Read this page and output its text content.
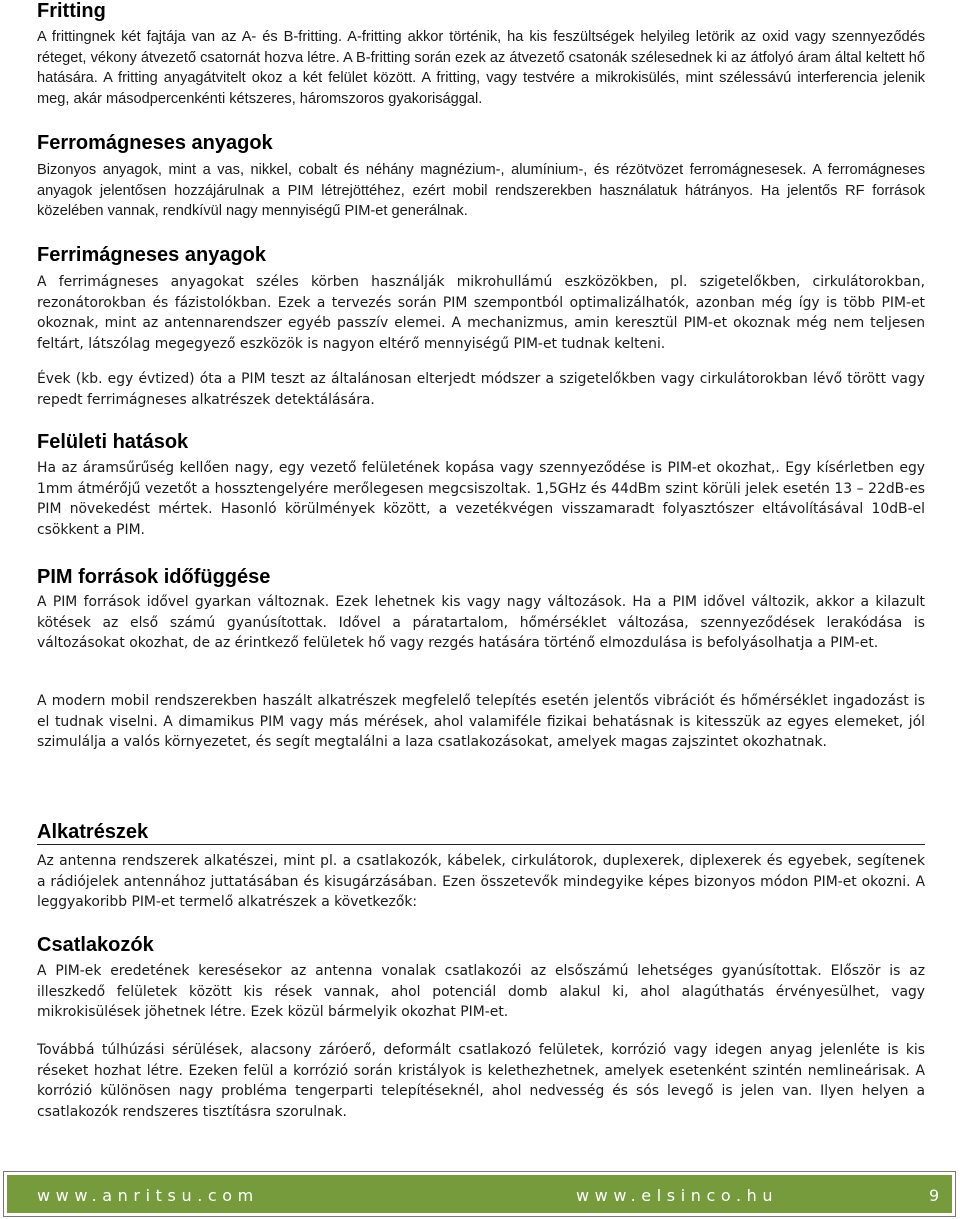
Fritting

A frittingnek két fajtája van az A- és B-fritting. A-fritting akkor történik, ha kis feszültségek helyileg letörik az oxid vagy szennyeződés réteget, vékony átvezető csatornát hozva létre. A B-fritting során ezek az átvezető csatonák szélesednek ki az átfolyó áram által keltett hő hatására. A fritting anyagátvitelt okoz a két felület között. A fritting, vagy testvére a mikrokisülés, mint szélessávú interferencia jelenik meg, akár másodpercenkénti kétszeres, háromszoros gyakorisággal.

Ferromágneses anyagok

Bizonyos anyagok, mint a vas, nikkel, cobalt és néhány magnézium-, alumínium-, és rézötvözet ferromágnesesek. A ferromágneses anyagok jelentősen hozzájárulnak a PIM létrejöttéhez, ezért mobil rendszerekben használatuk hátrányos. Ha jelentős RF források közelében vannak, rendkívül nagy mennyiségű PIM-et generálnak.

Ferrimágneses anyagok

A ferrimágneses anyagokat széles körben használják mikrohullámú eszközökben, pl. szigetelőkben, cirkulátorokban, rezonátorokban és fázistolókban. Ezek a tervezés során PIM szempontból optimalizálhatók, azonban még így is több PIM-et okoznak, mint az antennarendszer egyéb passzív elemei. A mechanizmus, amin keresztül PIM-et okoznak még nem teljesen feltárt, látszólag megegyező eszközök is nagyon eltérő mennyiségű PIM-et tudnak kelteni.

Évek (kb. egy évtized) óta a PIM teszt az általánosan elterjedt módszer a szigetelőkben vagy cirkulátorokban lévő törött vagy repedt ferrimágneses alkatrészek detektálására.

Felületi hatások

Ha az áramsűrűség kellően nagy, egy vezető felületének kopása vagy szennyeződése is PIM-et okozhat,. Egy kísérletben egy 1mm átmérőjű vezetőt a hossztengelyére merőlegesen megcsiszoltak. 1,5GHz és 44dBm szint körüli jelek esetén 13 – 22dB-es PIM növekedést mértek. Hasonló körülmények között, a vezetékvégen visszamaradt folyasztószer eltávolításával 10dB-el csökkent a PIM.

PIM források időfüggése

A PIM források idővel gyarkan változnak. Ezek lehetnek kis vagy nagy változások. Ha a PIM idővel változik, akkor a kilazult kötések az első számú gyanúsítottak. Idővel a páratartalom, hőmérséklet változása, szennyeződések lerakódása is változásokat okozhat, de az érintkező felületek hő vagy rezgés hatására történő elmozdulása is befolyásolhatja a PIM-et.

A modern mobil rendszerekben haszált alkatrészek megfelelő telepítés esetén jelentős vibrációt és hőmérséklet ingadozást is el tudnak viselni. A dimamikus PIM vagy más mérések, ahol valamiféle fizikai behatásnak is kitesszük az egyes elemeket, jól szimulálja a valós környezetet, és segít megtalálni a laza csatlakozásokat, amelyek magas zajszintet okozhatnak.

Alkatrészek

Az antenna rendszerek alkatészei, mint pl. a csatlakozók, kábelek, cirkulátorok, duplexerek, diplexerek és egyebek, segítenek a rádiójelek antennához juttatásában és kisugárzásában. Ezen összetevők mindegyike képes bizonyos módon PIM-et okozni. A leggyakoribb PIM-et termelő alkatrészek a következők:

Csatlakozók

A PIM-ek eredetének keresésekor az antenna vonalak csatlakozói az elsőszámú lehetséges gyanúsítottak. Először is az illeszkedő felületek között kis rések vannak, ahol potenciál domb alakul ki, ahol alagúthatás érvényesülhet, vagy mikrokisülések jöhetnek létre. Ezek közül bármelyik okozhat PIM-et.

Továbbá túlhúzási sérülések, alacsony záróerő, deformált csatlakozó felületek, korrózió vagy idegen anyag jelenléte is kis réseket hozhat létre. Ezeken felül a korrózió során kristályok is kelethezhetnek, amelyek esetenként szintén nemlineárisak. A korrózió különösen nagy probléma tengerparti telepítéseknél, ahol nedvesség és sós levegő is jelen van. Ilyen helyen a csatlakozók rendszeres tisztításra szorulnak.

www.anritsu.com	www.elsinco.hu	9
